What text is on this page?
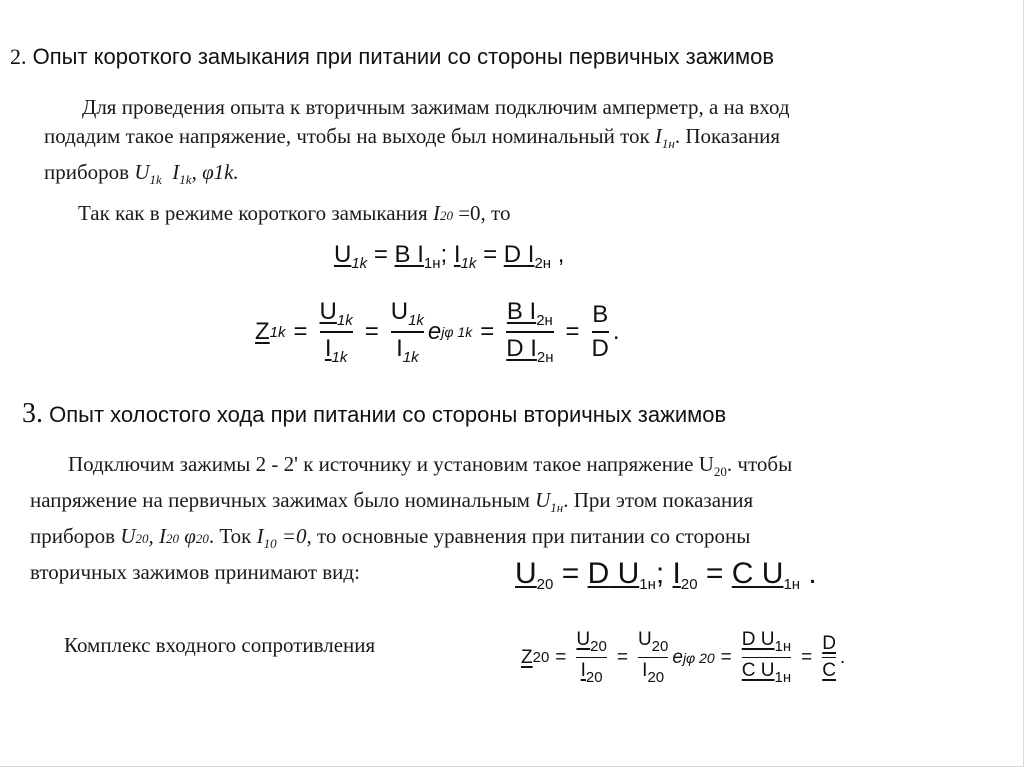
2. Опыт короткого замыкания при питании со стороны первичных зажимов
Для проведения опыта к вторичным зажимам подключим амперметр, а на вход
подадим такое напряжение, чтобы на выходе был номинальный ток $I_{1н}$. Показания
приборов $U_{1k}$ $I_{1k}$, φ1k.
Так как в режиме короткого замыкания I20 =0, то
$U_{1k} = B$ $I_{1н}$; $I_{1k} = D$ $I_{2н}$ ,
Z $1k = \frac{U_{1k}}{I_{1k}} = \frac{U_{1k}}{I_{1k}}$ e jφ $1k = \frac{B I_{2н}}{D I_{2н}} = \frac{B}{D}$ .
3. Опыт холостого хода при питании со стороны вторичных зажимов
Подключим зажимы 2 - 2' к источнику и установим такое напряжение $U_{20}$. чтобы
напряжение на первичных зажимах было номинальным $U_{1н}$. При этом показания
приборов U20, I20 φ20. Ток $I_{10} =0$, то основные уравнения при питании со стороны
вторичных зажимов принимают вид:	$U_{20} = D$ $U_{1н}$; $I_{20} = C$ $U_{1н}$ .
Комплекс входного сопротивления	Z $20 = \frac{U_{20}}{I_{20}} = \frac{U_{20}}{I_{20}}$ e jφ $20 = \frac{D U_{1н}}{C U_{1н}} = \frac{D}{C}$ .
